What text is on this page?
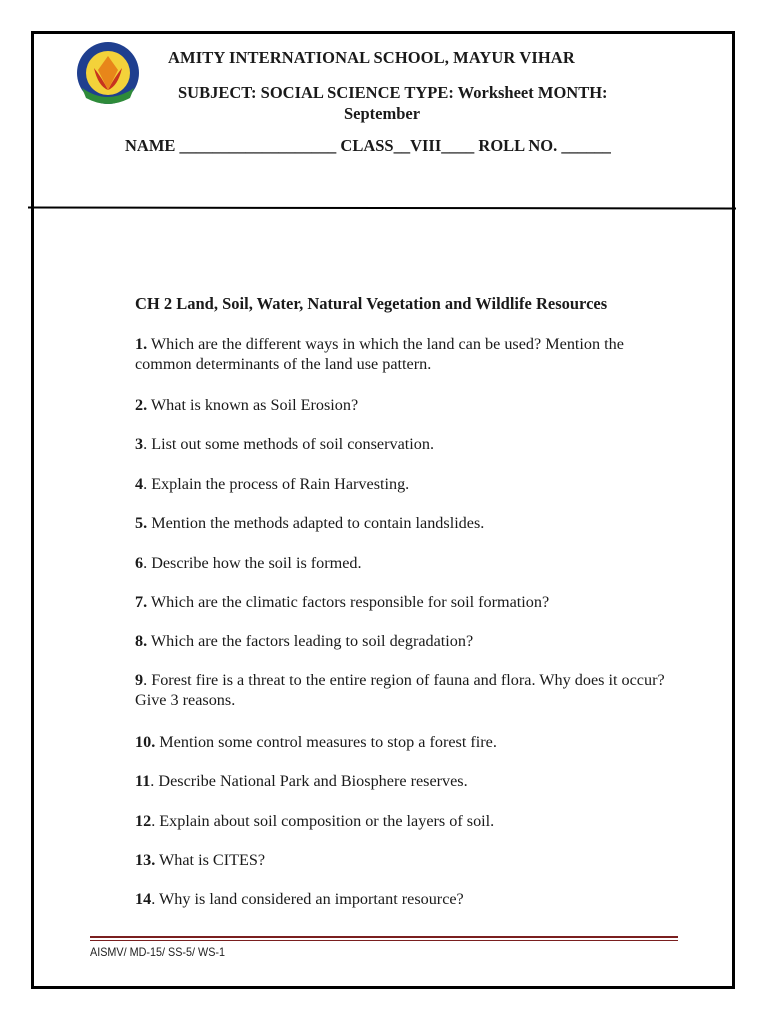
AMITY INTERNATIONAL SCHOOL, MAYUR VIHAR
SUBJECT: SOCIAL SCIENCE TYPE: Worksheet MONTH:
September
NAME ___________________ CLASS__VIII____ ROLL NO. ______
CH 2 Land, Soil, Water, Natural Vegetation and Wildlife Resources
1. Which are the different ways in which the land can be used? Mention the common determinants of the land use pattern.
2. What is known as Soil Erosion?
3. List out some methods of soil conservation.
4. Explain the process of Rain Harvesting.
5. Mention the methods adapted to contain landslides.
6. Describe how the soil is formed.
7. Which are the climatic factors responsible for soil formation?
8. Which are the factors leading to soil degradation?
9. Forest fire is a threat to the entire region of fauna and flora. Why does it occur? Give 3 reasons.
10. Mention some control measures to stop a forest fire.
11. Describe National Park and Biosphere reserves.
12. Explain about soil composition or the layers of soil.
13. What is CITES?
14. Why is land considered an important resource?
AISMV/ MD-15/ SS-5/ WS-1
